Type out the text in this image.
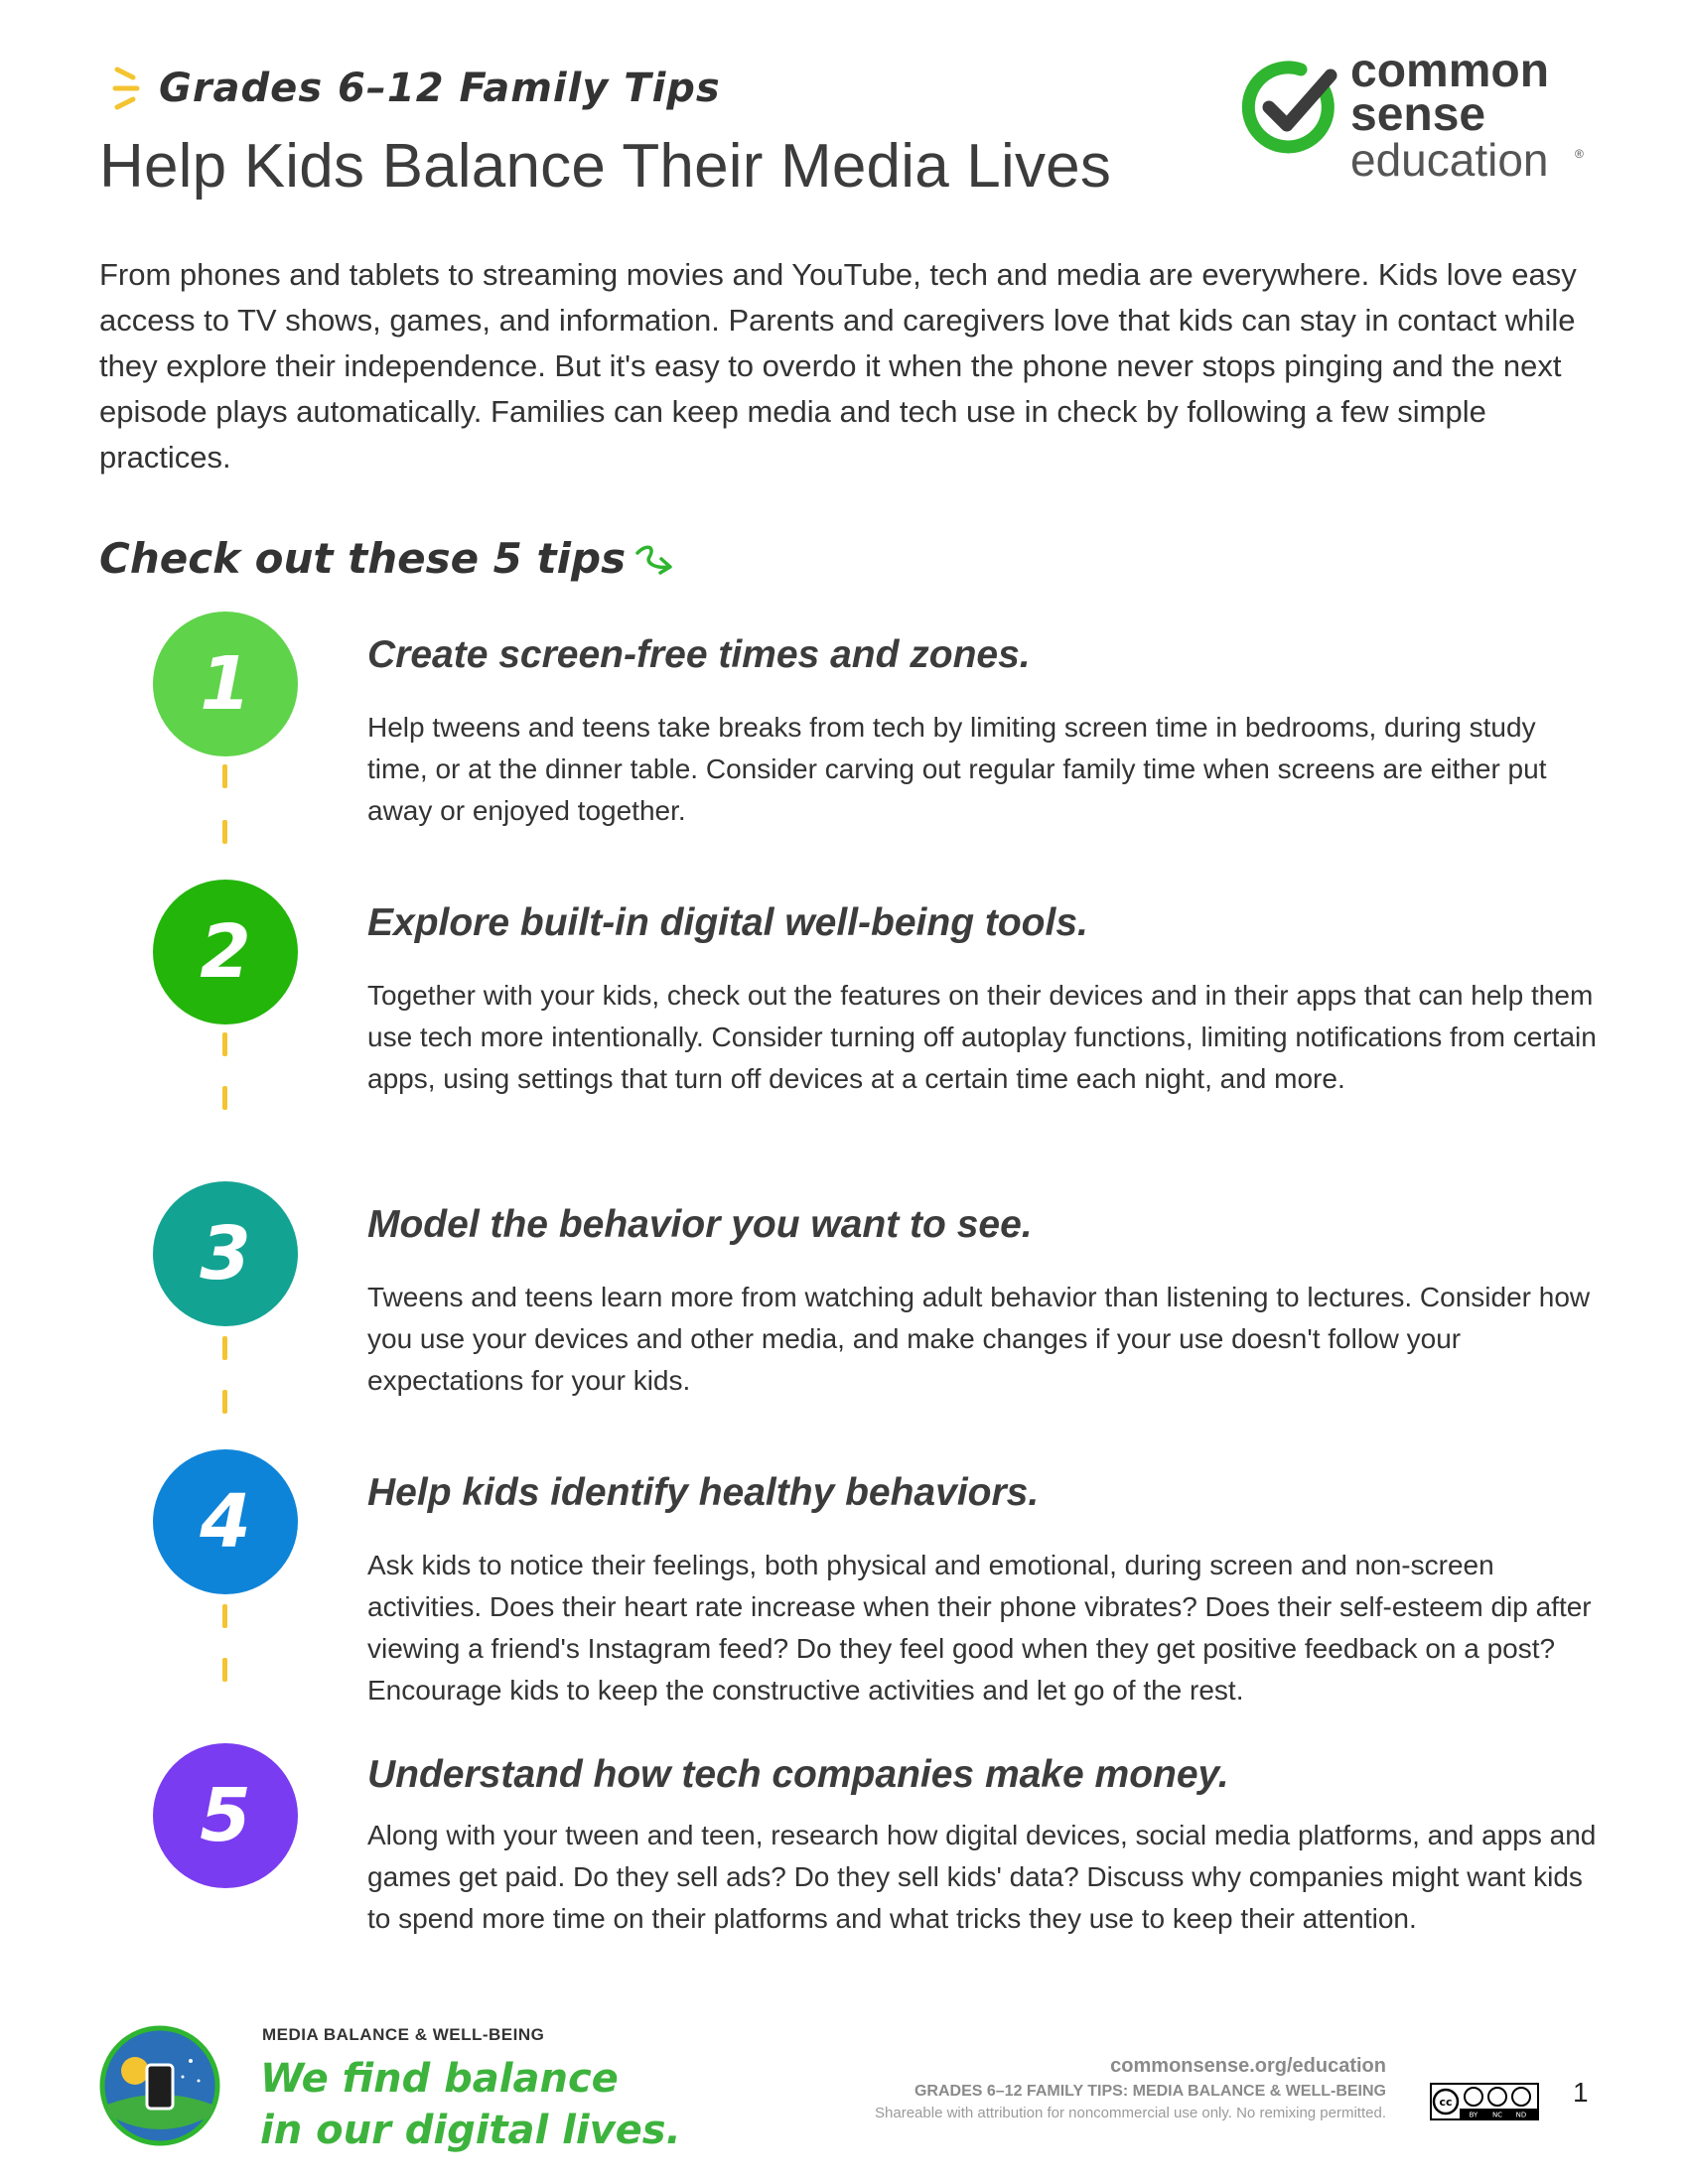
Grades 6–12 Family Tips
Help Kids Balance Their Media Lives
common
sense
education ®

From phones and tablets to streaming movies and YouTube, tech and media are everywhere. Kids love easy access to TV shows, games, and information. Parents and caregivers love that kids can stay in contact while they explore their independence. But it's easy to overdo it when the phone never stops pinging and the next episode plays automatically. Families can keep media and tech use in check by following a few simple practices.

Check out these 5 tips
1	Create screen-free times and zones.

Help tweens and teens take breaks from tech by limiting screen time in bedrooms, during study time, or at the dinner table. Consider carving out regular family time when screens are either put away or enjoyed together.

2	Explore built-in digital well-being tools.

Together with your kids, check out the features on their devices and in their apps that can help them use tech more intentionally. Consider turning off autoplay functions, limiting notifications from certain apps, using settings that turn off devices at a certain time each night, and more.

3	Model the behavior you want to see.

Tweens and teens learn more from watching adult behavior than listening to lectures. Consider how you use your devices and other media, and make changes if your use doesn't follow your expectations for your kids.

4	Help kids identify healthy behaviors.

Ask kids to notice their feelings, both physical and emotional, during screen and non-screen activities. Does their heart rate increase when their phone vibrates? Does their self-esteem dip after viewing a friend's Instagram feed? Do they feel good when they get positive feedback on a post? Encourage kids to keep the constructive activities and let go of the rest.

5	Understand how tech companies make money.

Along with your tween and teen, research how digital devices, social media platforms, and apps and games get paid. Do they sell ads? Do they sell kids' data? Discuss why companies might want kids to spend more time on their platforms and what tricks they use to keep their attention.

MEDIA BALANCE & WELL-BEING
We find balance
in our digital lives.
commonsense.org/education
GRADES 6–12 FAMILY TIPS: MEDIA BALANCE & WELL-BEING
Shareable with attribution for noncommercial use only. No remixing permitted.
cc
BY NC ND
1
